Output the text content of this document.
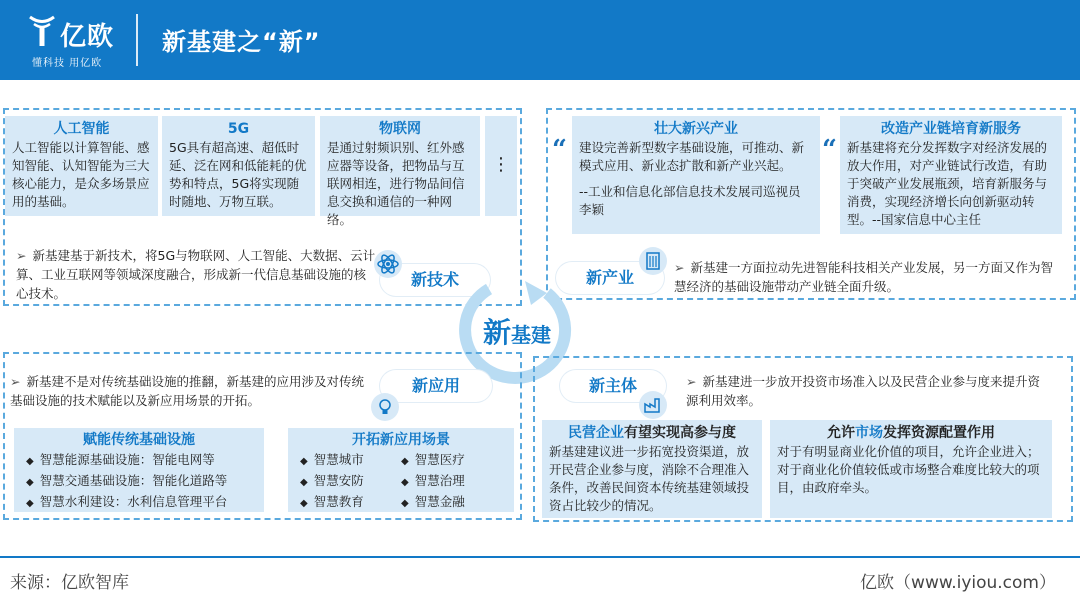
亿欧
懂科技 用亿欧
新基建之“新”
人工智能
人工智能以计算智能、感知智能、认知智能为三大核心能力，是众多场景应用的基础。
5G
5G具有超高速、超低时延、泛在网和低能耗的优势和特点，5G将实现随时随地、万物互联。
物联网
是通过射频识别、红外感应器等设备，把物品与互联网相连，进行物品间信息交换和通信的一种网络。
⋮
➢ 新基建基于新技术，将5G与物联网、人工智能、大数据、云计算、工业互联网等领域深度融合，形成新一代信息基础设施的核心技术。
新技术
“
壮大新兴产业
建设完善新型数字基础设施，可推动、新模式应用、新业态扩散和新产业兴起。
--工业和信息化部信息技术发展司巡视员李颖
“
改造产业链培育新服务
新基建将充分发挥数字对经济发展的放大作用，对产业链试行改造，有助于突破产业发展瓶颈，培育新服务与消费，实现经济增长向创新驱动转型。--国家信息中心主任
新产业
➢ 新基建一方面拉动先进智能科技相关产业发展，另一方面又作为智慧经济的基础设施带动产业链全面升级。
新基建
➢ 新基建不是对传统基础设施的推翻，新基建的应用涉及对传统基础设施的技术赋能以及新应用场景的开拓。
新应用
赋能传统基础设施
◆ 智慧能源基础设施：智能电网等
◆ 智慧交通基础设施：智能化道路等
◆ 智慧水利建设：水利信息管理平台
开拓新应用场景
◆ 智慧城市	◆ 智慧医疗
◆ 智慧安防	◆ 智慧治理
◆ 智慧教育	◆ 智慧金融
新主体	➢ 新基建进一步放开投资市场准入以及民营企业参与度来提升资源利用效率。
民营企业有望实现高参与度
新基建建议进一步拓宽投资渠道，放开民营企业参与度，消除不合理准入条件，改善民间资本传统基建领域投资占比较少的情况。
允许市场发挥资源配置作用
对于有明显商业化价值的项目，允许企业进入；对于商业化价值较低或市场整合难度比较大的项目，由政府牵头。
来源：亿欧智库	亿欧（www.iyiou.com）
